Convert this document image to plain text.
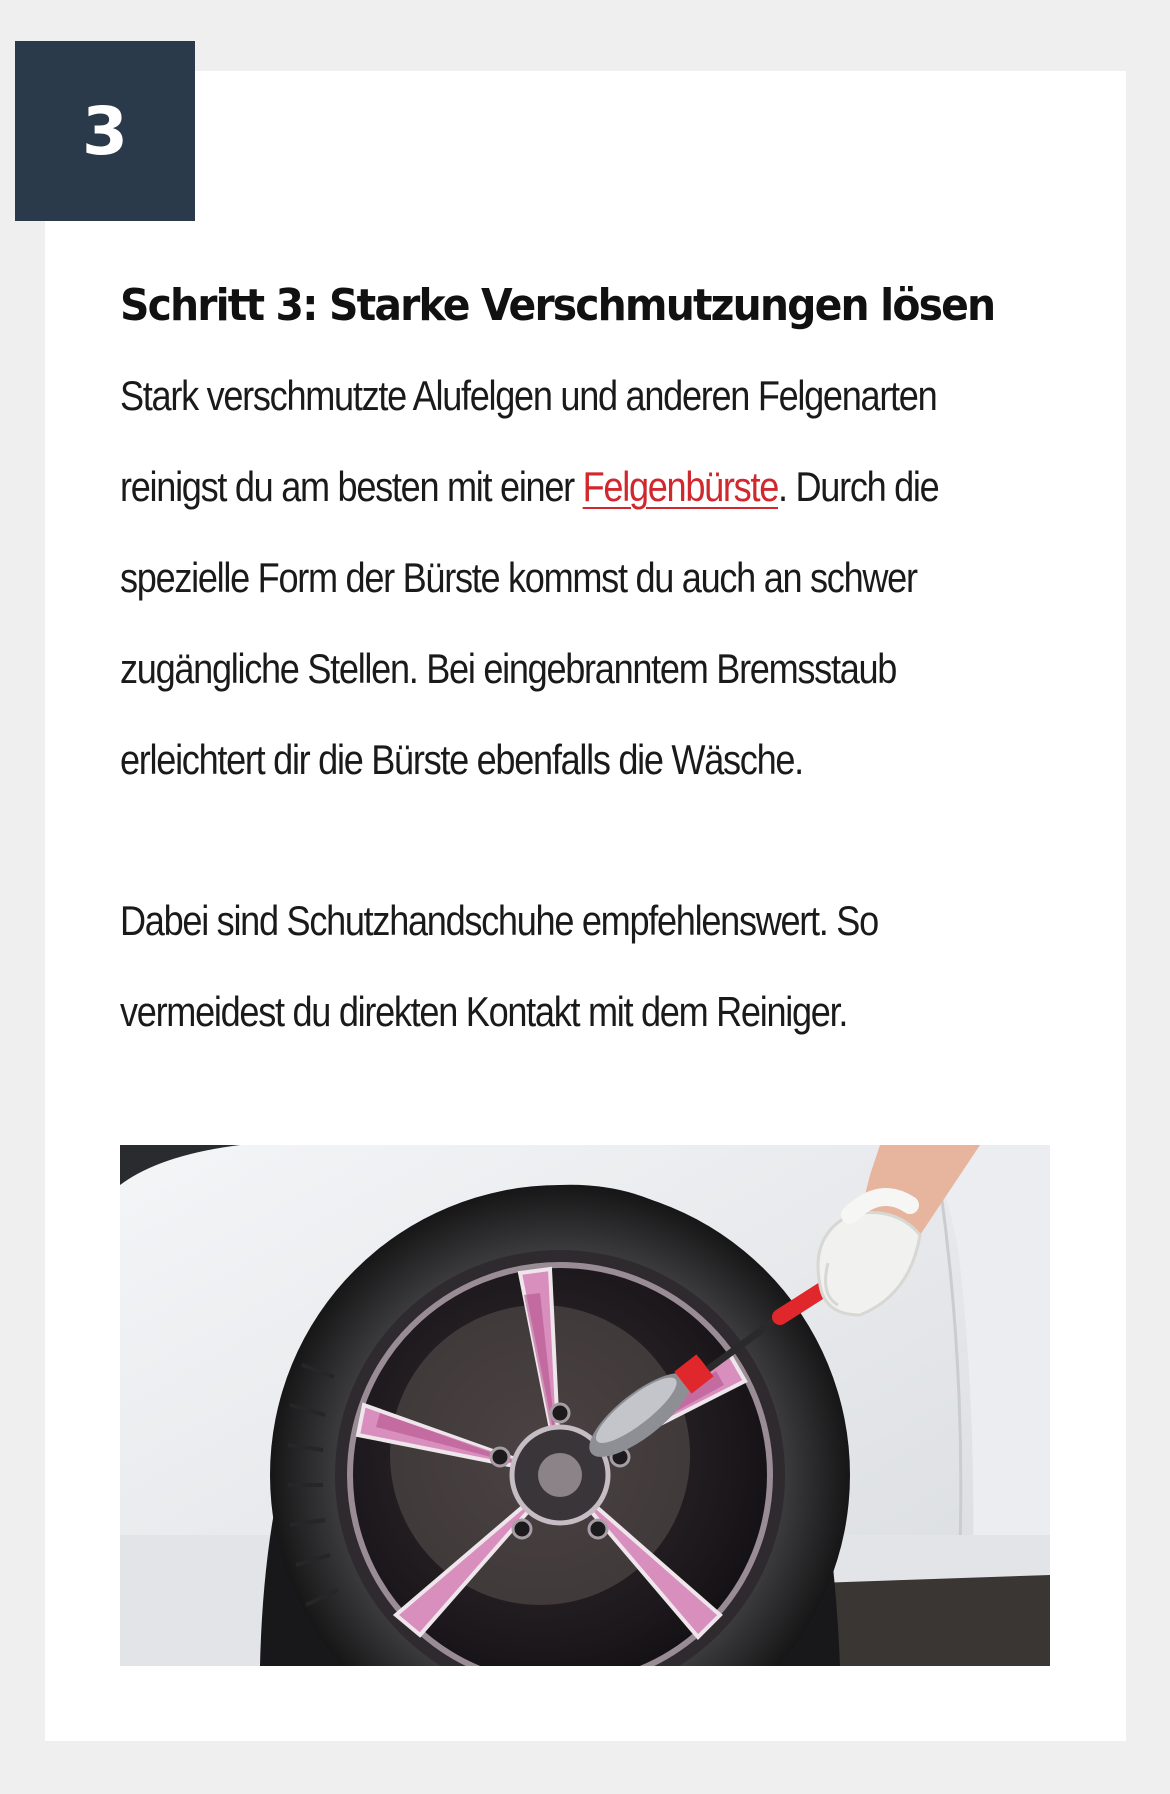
3
Schritt 3: Starke Verschmutzungen lösen

Stark verschmutzte Alufelgen und anderen Felgenarten
reinigst du am besten mit einer Felgenbürste. Durch die
spezielle Form der Bürste kommst du auch an schwer
zugängliche Stellen. Bei eingebranntem Bremsstaub
erleichtert dir die Bürste ebenfalls die Wäsche.

Dabei sind Schutzhandschuhe empfehlenswert. So
vermeidest du direkten Kontakt mit dem Reiniger.
